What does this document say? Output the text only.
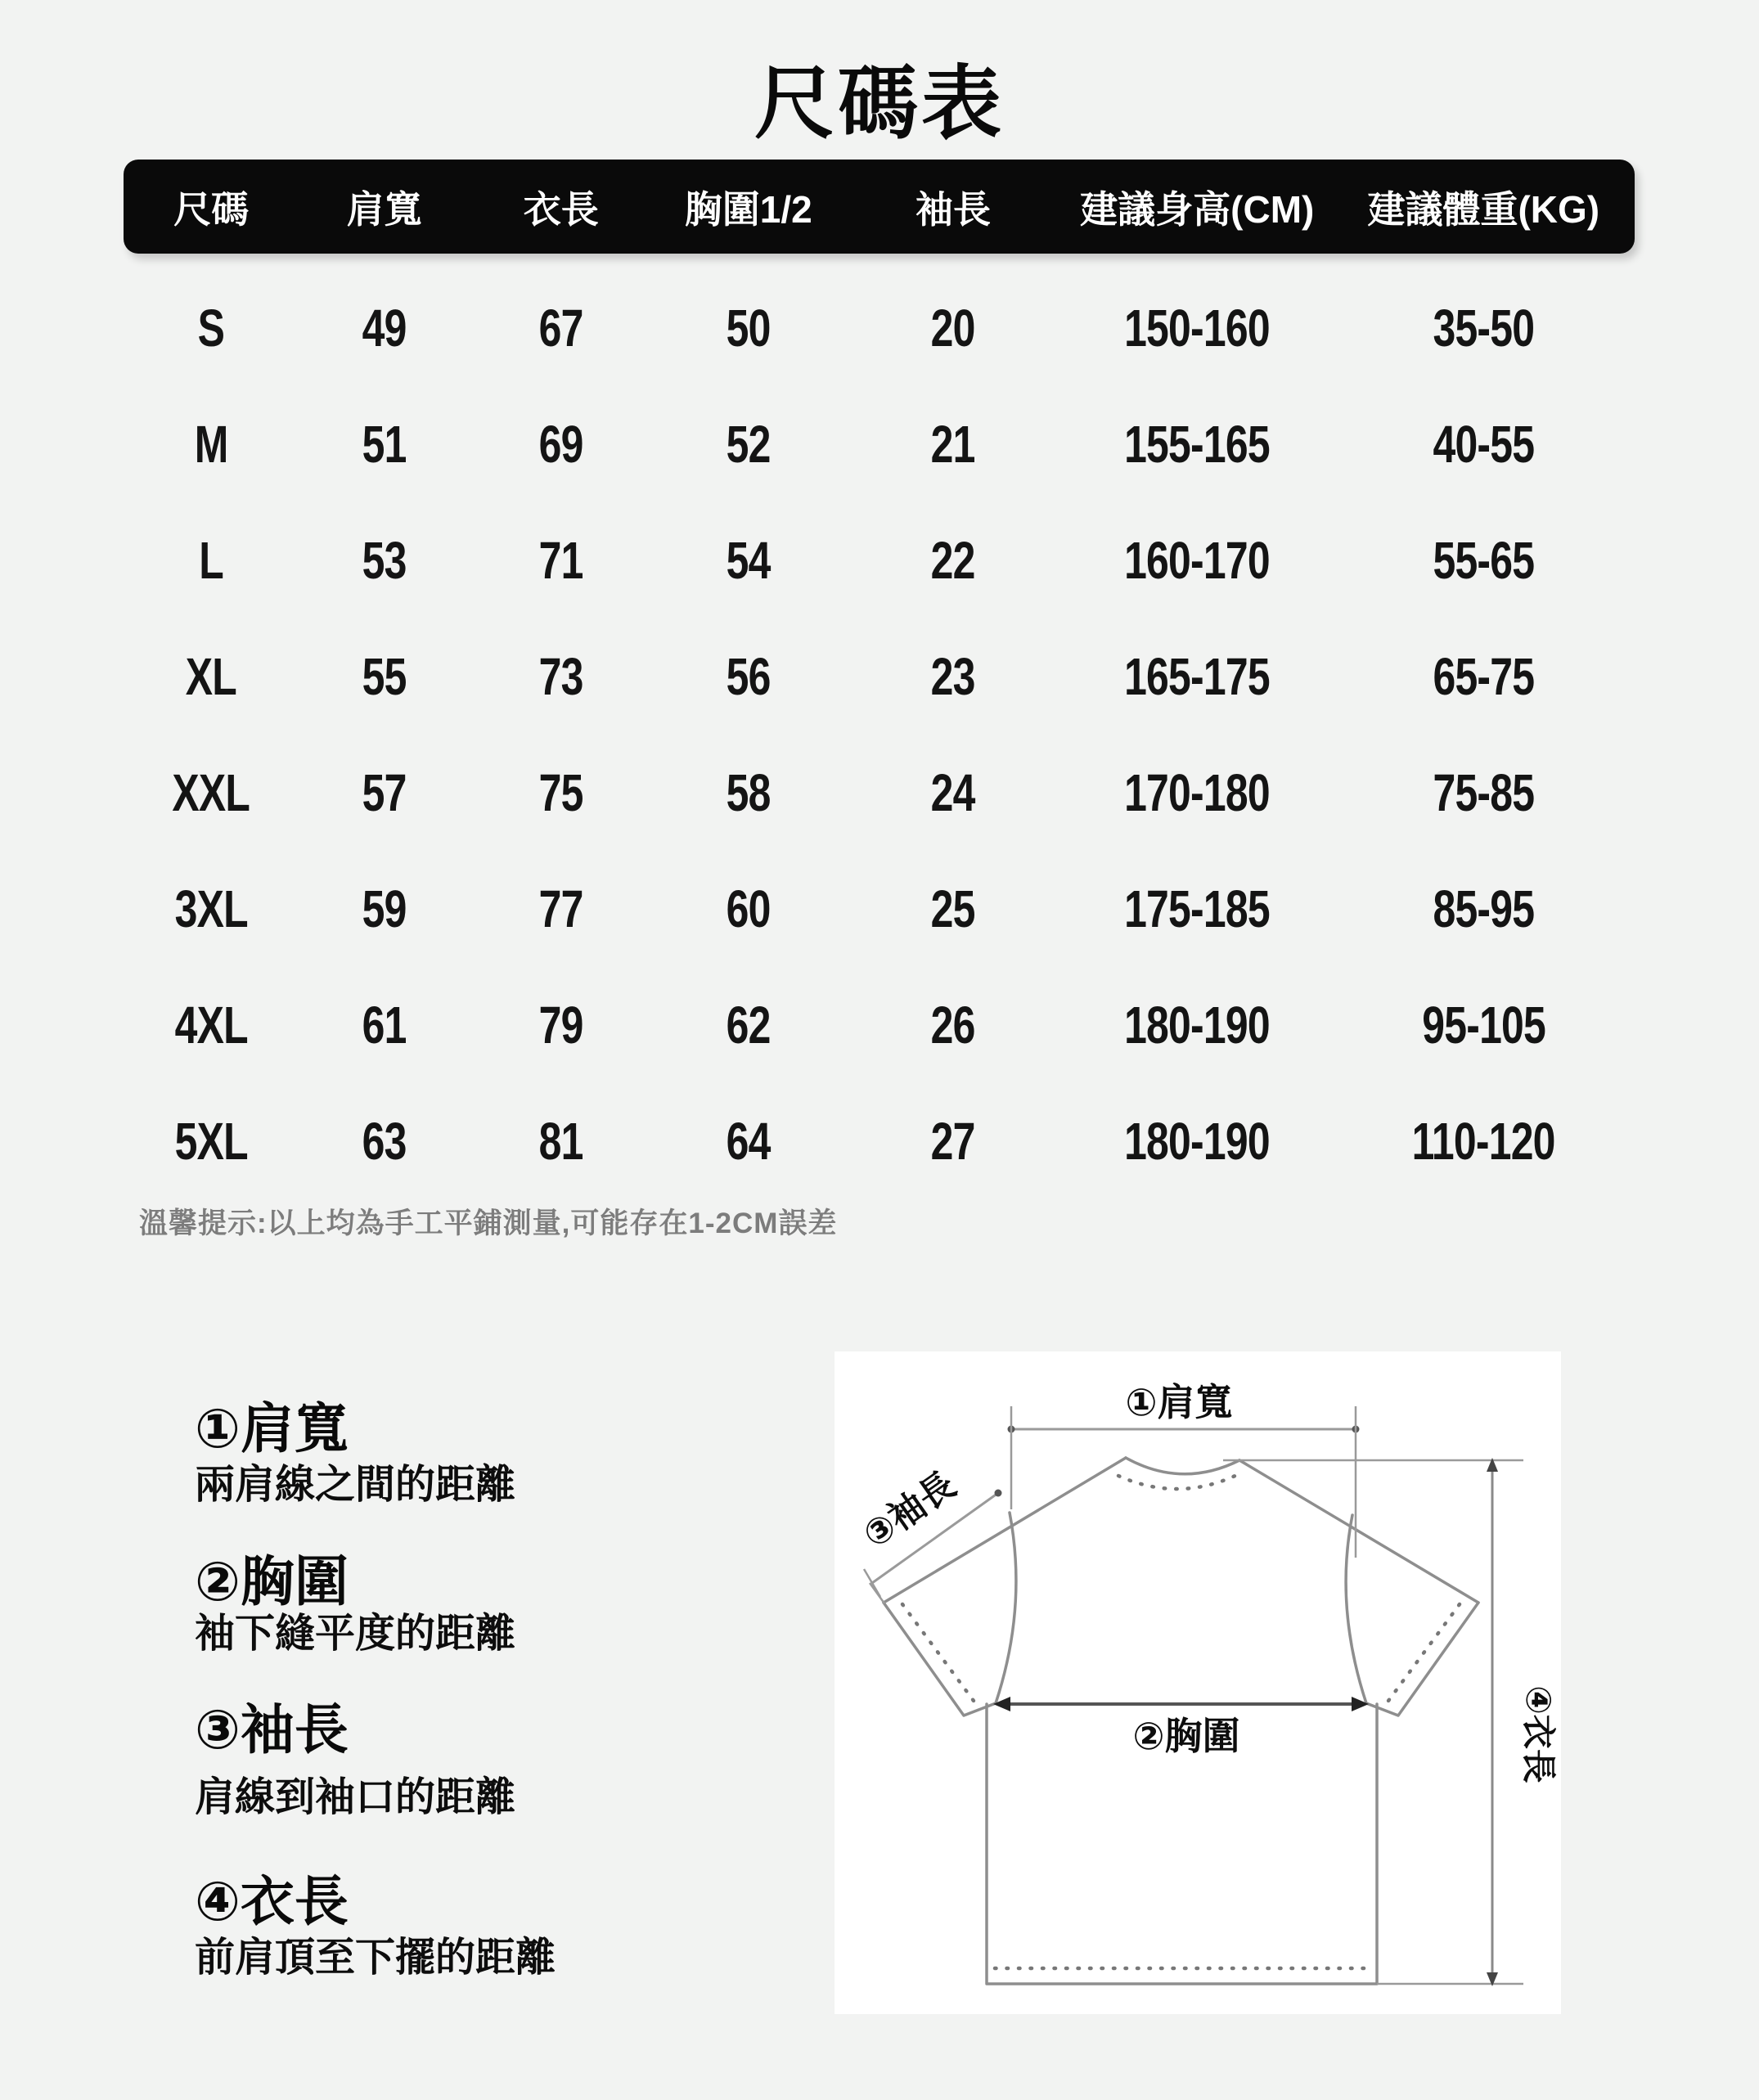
尺碼表
尺碼	肩寬	衣長	胸圍1/2	袖長	建議身高(CM)	建議體重(KG)
S	49	67	50	20	150-160	35-50
M	51	69	52	21	155-165	40-55
L	53	71	54	22	160-170	55-65
XL	55	73	56	23	165-175	65-75
XXL	57	75	58	24	170-180	75-85
3XL	59	77	60	25	175-185	85-95
4XL	61	79	62	26	180-190	95-105
5XL	63	81	64	27	180-190	110-120
溫馨提示:以上均為手工平鋪測量,可能存在1-2CM誤差
①肩寬
兩肩線之間的距離
②胸圍
袖下縫平度的距離
③袖長
肩線到袖口的距離
④衣長
前肩頂至下擺的距離
①肩寬
②胸圍
③袖長
④衣長
